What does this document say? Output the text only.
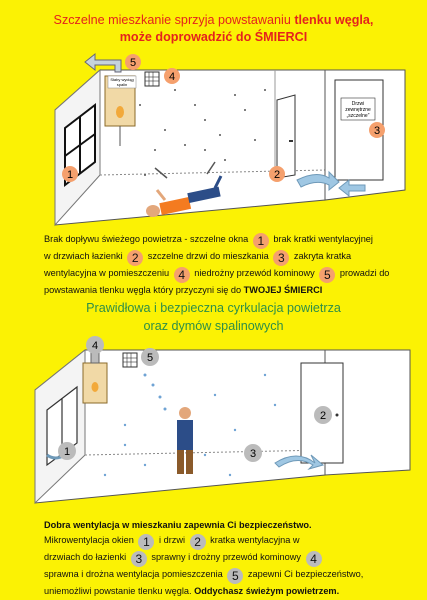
Szczelne mieszkanie sprzyja powstawaniu tlenku węgla,
może doprowadzić do ŚMIERCI
Drzwi
zewnętrzne
„szczelne”
Słaby wyciąg
spalin
1	2
3
4
5
Brak dopływu świeżego powietrza - szczelne okna 1 brak kratki wentylacyjnej
w drzwiach łazienki 2 szczelne drzwi do mieszkania 3 zakryta kratka
wentylacyjna w pomieszczeniu 4 niedrożny przewód kominowy 5 prowadzi do
powstawania tlenku węgla który przyczyni się do TWOJEJ ŚMIERCI
Prawidłowa i bezpieczna cyrkulacja powietrza
oraz dymów spalinowych
1
2
3
4
5
Dobra wentylacja w mieszkaniu zapewnia Ci bezpieczeństwo.
Mikrowentylacja okien 1 i drzwi 2 kratka wentylacyjna w
drzwiach do łazienki 3 sprawny i drożny przewód kominowy 4
sprawna i drożna wentylacja pomieszczenia 5 zapewni Ci bezpieczeństwo,
uniemożliwi powstanie tlenku węgla. Oddychasz świeżym powietrzem.
